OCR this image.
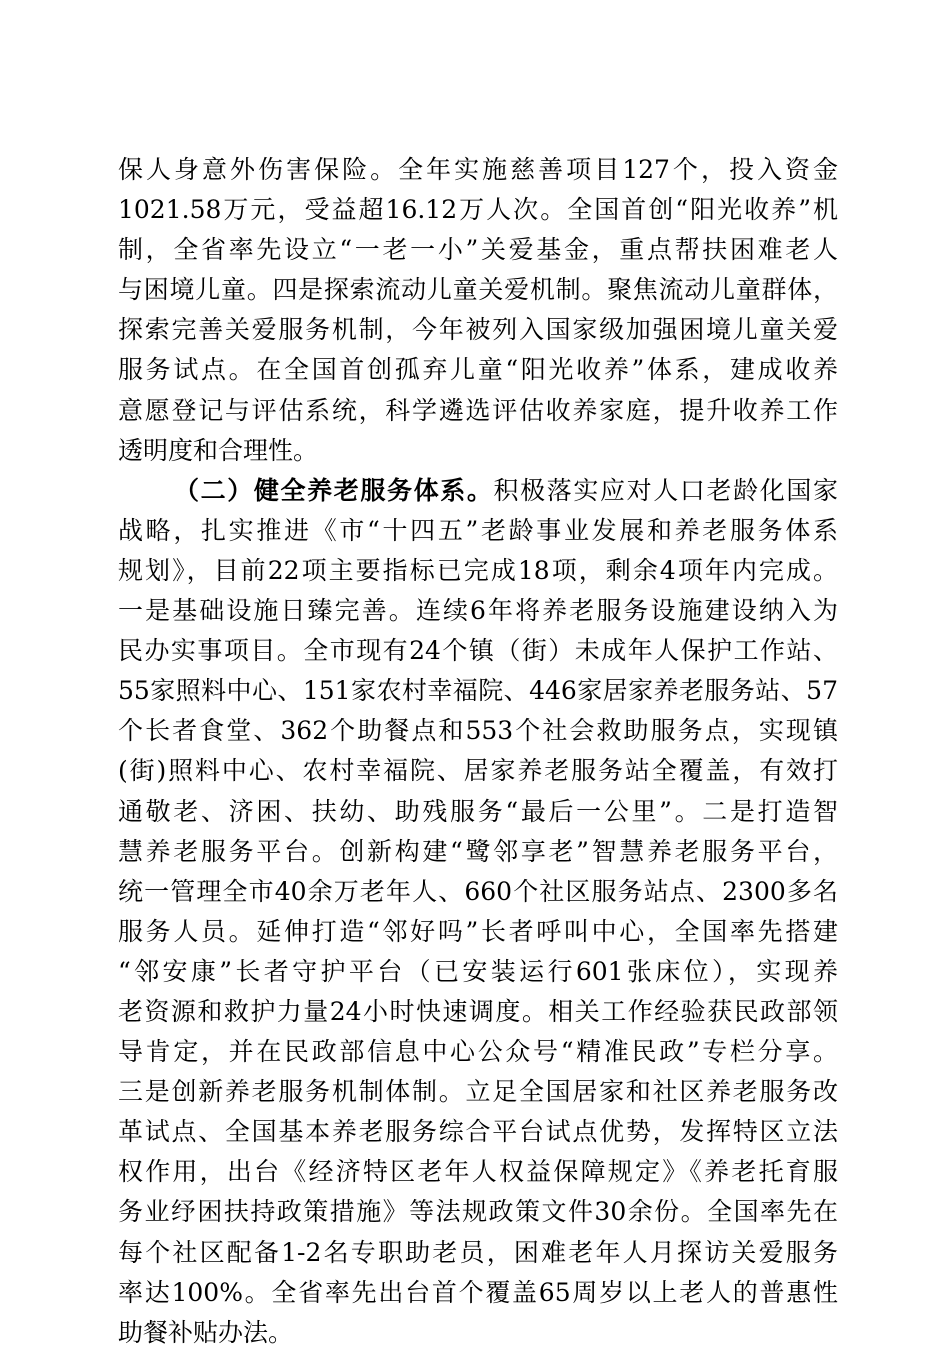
保人身意外伤害保险。全年实施慈善项目127个，投入资金
1021.58万元，受益超16.12万人次。全国首创“阳光收养”机
制，全省率先设立“一老一小”关爱基金，重点帮扶困难老人
与困境儿童。四是探索流动儿童关爱机制。聚焦流动儿童群体，
探索完善关爱服务机制，今年被列入国家级加强困境儿童关爱
服务试点。在全国首创孤弃儿童“阳光收养”体系，建成收养
意愿登记与评估系统，科学遴选评估收养家庭，提升收养工作
透明度和合理性。
（二）健全养老服务体系。积极落实应对人口老龄化国家
战略，扎实推进《市“十四五”老龄事业发展和养老服务体系
规划》，目前22项主要指标已完成18项，剩余4项年内完成。
一是基础设施日臻完善。连续6年将养老服务设施建设纳入为
民办实事项目。全市现有24个镇（街）未成年人保护工作站、
55家照料中心、151家农村幸福院、446家居家养老服务站、57
个长者食堂、362个助餐点和553个社会救助服务点，实现镇
(街)照料中心、农村幸福院、居家养老服务站全覆盖，有效打
通敬老、济困、扶幼、助残服务“最后一公里”。二是打造智
慧养老服务平台。创新构建“鹭邻享老”智慧养老服务平台，
统一管理全市40余万老年人、660个社区服务站点、2300多名
服务人员。延伸打造“邻好吗”长者呼叫中心，全国率先搭建
“邻安康”长者守护平台（已安装运行601张床位），实现养
老资源和救护力量24小时快速调度。相关工作经验获民政部领
导肯定，并在民政部信息中心公众号“精准民政”专栏分享。
三是创新养老服务机制体制。立足全国居家和社区养老服务改
革试点、全国基本养老服务综合平台试点优势，发挥特区立法
权作用，出台《经济特区老年人权益保障规定》《养老托育服
务业纾困扶持政策措施》等法规政策文件30余份。全国率先在
每个社区配备1-2名专职助老员，困难老年人月探访关爱服务
率达100%。全省率先出台首个覆盖65周岁以上老人的普惠性
助餐补贴办法。
